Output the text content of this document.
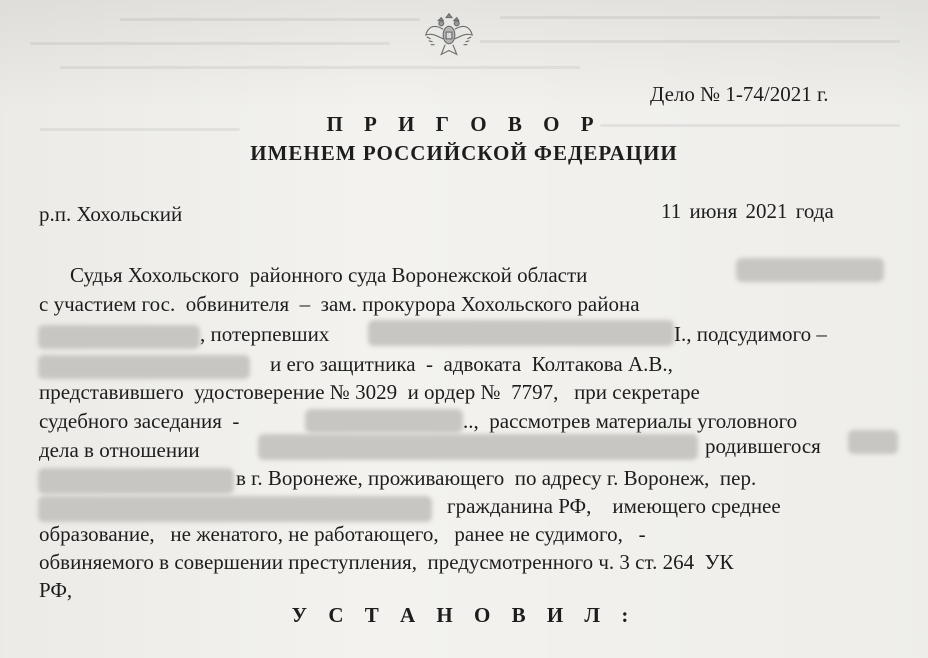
Дело № 1-74/2021 г.
П Р И Г О В О Р
ИМЕНЕМ РОССИЙСКОЙ ФЕДЕРАЦИИ
р.п. Хохольский	11 июня 2021 года
Судья Хохольского  районного суда Воронежской области
с участием гос.  обвинителя  –  зам. прокурора Хохольского района
, потерпевших	I., подсудимого –
и его защитника  -  адвоката  Колтакова А.В.,
представившего  удостоверение № 3029  и ордер №  7797,   при секретаре
судебного заседания  -	..,  рассмотрев материалы уголовного
дела в отношении	родившегося
в г. Воронеже, проживающего  по адресу г. Воронеж,  пер.
гражданина РФ,    имеющего среднее
образование,   не женатого, не работающего,   ранее не судимого,   -
обвиняемого в совершении преступления,  предусмотренного ч. 3 ст. 264  УК
РФ,
У С Т А Н О В И Л :
